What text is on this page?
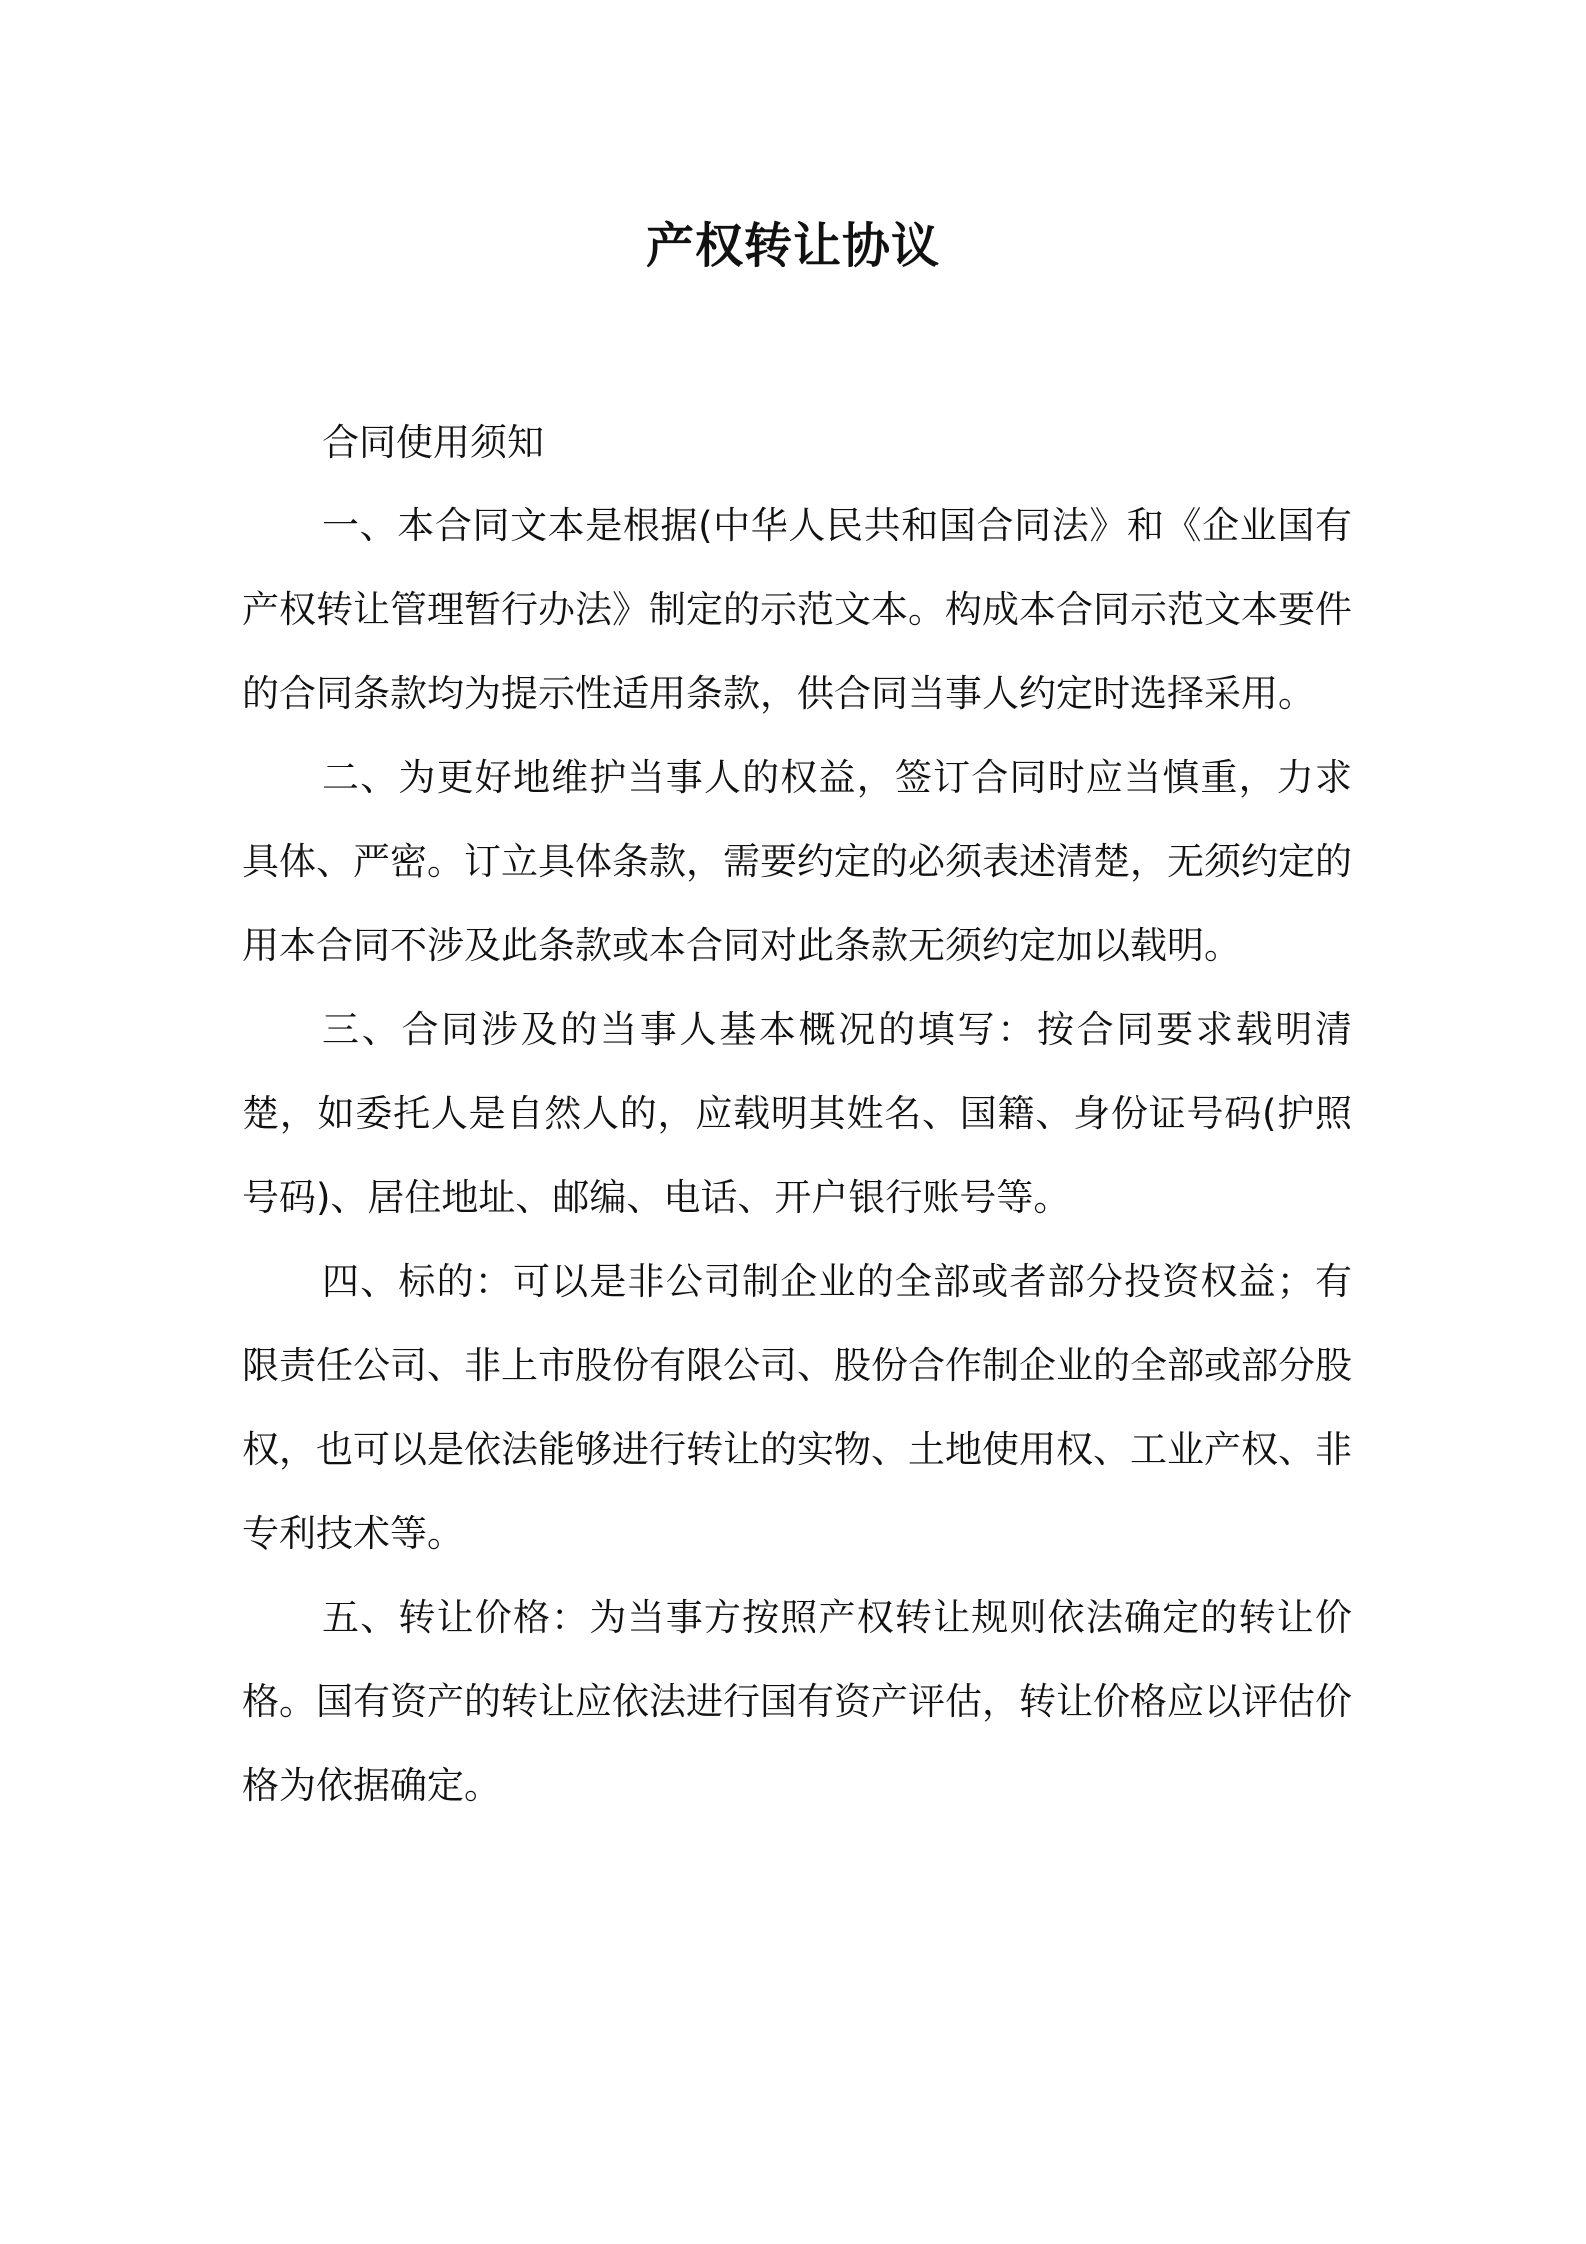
产权转让协议

合同使用须知

一、本合同文本是根据(中华人民共和国合同法》和《企业国有产权转让管理暂行办法》制定的示范文本。构成本合同示范文本要件的合同条款均为提示性适用条款，供合同当事人约定时选择采用。

二、为更好地维护当事人的权益，签订合同时应当慎重，力求具体、严密。订立具体条款，需要约定的必须表述清楚，无须约定的用本合同不涉及此条款或本合同对此条款无须约定加以载明。

三、合同涉及的当事人基本概况的填写：按合同要求载明清楚，如委托人是自然人的，应载明其姓名、国籍、身份证号码(护照号码)、居住地址、邮编、电话、开户银行账号等。

四、标的：可以是非公司制企业的全部或者部分投资权益；有限责任公司、非上市股份有限公司、股份合作制企业的全部或部分股权，也可以是依法能够进行转让的实物、土地使用权、工业产权、非专利技术等。

五、转让价格：为当事方按照产权转让规则依法确定的转让价格。国有资产的转让应依法进行国有资产评估，转让价格应以评估价格为依据确定。
